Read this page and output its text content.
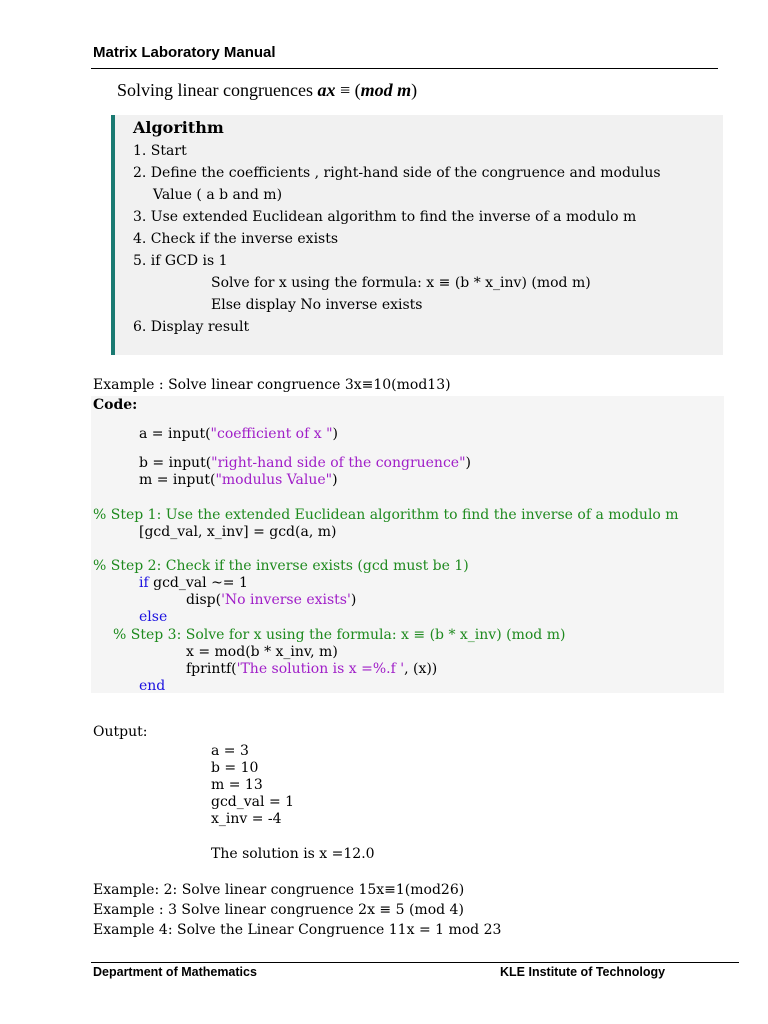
Matrix Laboratory Manual
Solving linear congruences ax ≡ (mod m)
Algorithm
1. Start
2. Define the coefficients , right-hand side of the congruence and modulus
Value ( a b and m)
3. Use extended Euclidean algorithm to find the inverse of a modulo m
4. Check if the inverse exists
5. if GCD is 1
Solve for x using the formula: x ≡ (b * x_inv) (mod m)
Else display No inverse exists
6. Display result
Example : Solve linear congruence 3x≡10(mod13)
Code:
a = input("coefficient of x ")
b = input("right-hand side of the congruence")
m = input("modulus Value")
% Step 1: Use the extended Euclidean algorithm to find the inverse of a modulo m
[gcd_val, x_inv] = gcd(a, m)
% Step 2: Check if the inverse exists (gcd must be 1)
if gcd_val ~= 1
disp('No inverse exists')
else
% Step 3: Solve for x using the formula: x ≡ (b * x_inv) (mod m)
x = mod(b * x_inv, m)
fprintf('The solution is x =%.f ', (x))
end
Output:
a = 3
b = 10
m = 13
gcd_val = 1
x_inv = -4
The solution is x =12.0
Example: 2: Solve linear congruence 15x≡1(mod26)
Example : 3 Solve linear congruence 2x ≡ 5 (mod 4)
Example 4: Solve the Linear Congruence 11x = 1 mod 23
Department of Mathematics	KLE Institute of Technology
